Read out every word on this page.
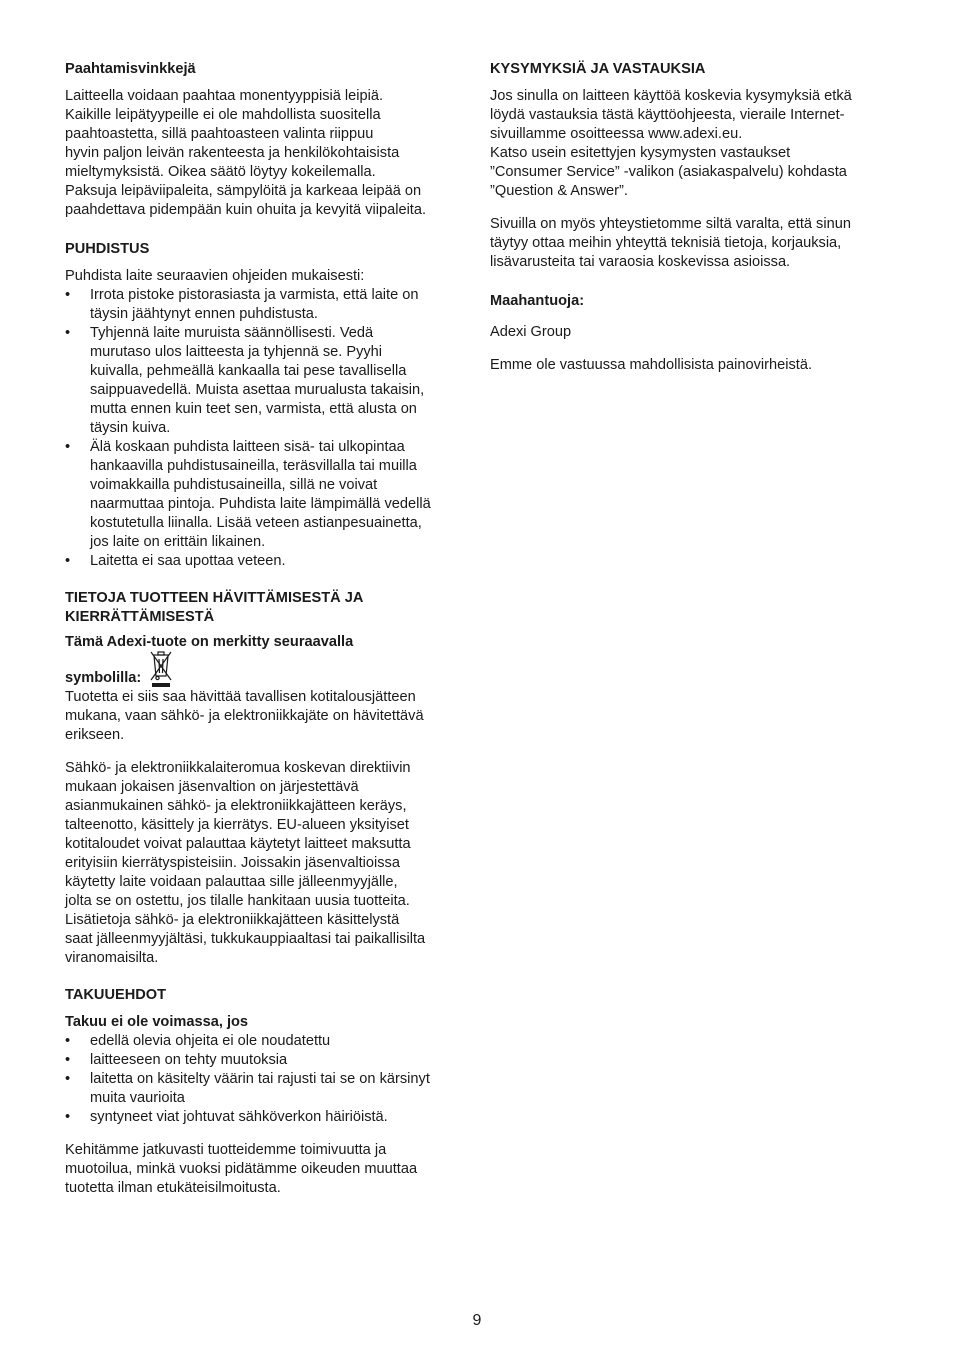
Paahtamisvinkkejä

Laitteella voidaan paahtaa monentyyppisiä leipiä.
Kaikille leipätyypeille ei ole mahdollista suositella
paahtoastetta, sillä paahtoasteen valinta riippuu
hyvin paljon leivän rakenteesta ja henkilökohtaisista
mieltymyksistä. Oikea säätö löytyy kokeilemalla.
Paksuja leipäviipaleita, sämpylöitä ja karkeaa leipää on
paahdettava pidempään kuin ohuita ja kevyitä viipaleita.

PUHDISTUS

Puhdista laite seuraavien ohjeiden mukaisesti:

• Irrota pistoke pistorasiasta ja varmista, että laite on
täysin jäähtynyt ennen puhdistusta.
• Tyhjennä laite muruista säännöllisesti. Vedä
murutaso ulos laitteesta ja tyhjennä se. Pyyhi
kuivalla, pehmeällä kankaalla tai pese tavallisella
saippuavedellä. Muista asettaa murualusta takaisin,
mutta ennen kuin teet sen, varmista, että alusta on
täysin kuiva.
• Älä koskaan puhdista laitteen sisä- tai ulkopintaa
hankaavilla puhdistusaineilla, teräsvillalla tai muilla
voimakkailla puhdistusaineilla, sillä ne voivat
naarmuttaa pintoja. Puhdista laite lämpimällä vedellä
kostutetulla liinalla. Lisää veteen astianpesuainetta,
jos laite on erittäin likainen.
• Laitetta ei saa upottaa veteen.
TIETOJA TUOTTEEN HÄVITTÄMISESTÄ JA
KIERRÄTTÄMISESTÄ

Tämä Adexi-tuote on merkitty seuraavalla

symbolilla:

Tuotetta ei siis saa hävittää tavallisen kotitalousjätteen
mukana, vaan sähkö- ja elektroniikkajäte on hävitettävä
erikseen.

Sähkö- ja elektroniikkalaiteromua koskevan direktiivin
mukaan jokaisen jäsenvaltion on järjestettävä
asianmukainen sähkö- ja elektroniikkajätteen keräys,
talteenotto, käsittely ja kierrätys. EU-alueen yksityiset
kotitaloudet voivat palauttaa käytetyt laitteet maksutta
erityisiin kierrätyspisteisiin. Joissakin jäsenvaltioissa
käytetty laite voidaan palauttaa sille jälleenmyyjälle,
jolta se on ostettu, jos tilalle hankitaan uusia tuotteita.
Lisätietoja sähkö- ja elektroniikkajätteen käsittelystä
saat jälleenmyyjältäsi, tukkukauppiaaltasi tai paikallisilta
viranomaisilta.

TAKUUEHDOT

Takuu ei ole voimassa, jos

• edellä olevia ohjeita ei ole noudatettu
• laitteeseen on tehty muutoksia
• laitetta on käsitelty väärin tai rajusti tai se on kärsinyt
muita vaurioita
• syntyneet viat johtuvat sähköverkon häiriöistä.

Kehitämme jatkuvasti tuotteidemme toimivuutta ja
muotoilua, minkä vuoksi pidätämme oikeuden muuttaa
tuotetta ilman etukäteisilmoitusta.

KYSYMYKSIÄ JA VASTAUKSIA

Jos sinulla on laitteen käyttöä koskevia kysymyksiä etkä
löydä vastauksia tästä käyttöohjeesta, vieraile Internet-
sivuillamme osoitteessa www.adexi.eu.
Katso usein esitettyjen kysymysten vastaukset
”Consumer Service” -valikon (asiakaspalvelu) kohdasta
”Question & Answer”.

Sivuilla on myös yhteystietomme siltä varalta, että sinun
täytyy ottaa meihin yhteyttä teknisiä tietoja, korjauksia,
lisävarusteita tai varaosia koskevissa asioissa.

Maahantuoja:

Adexi Group

Emme ole vastuussa mahdollisista painovirheistä.

9
